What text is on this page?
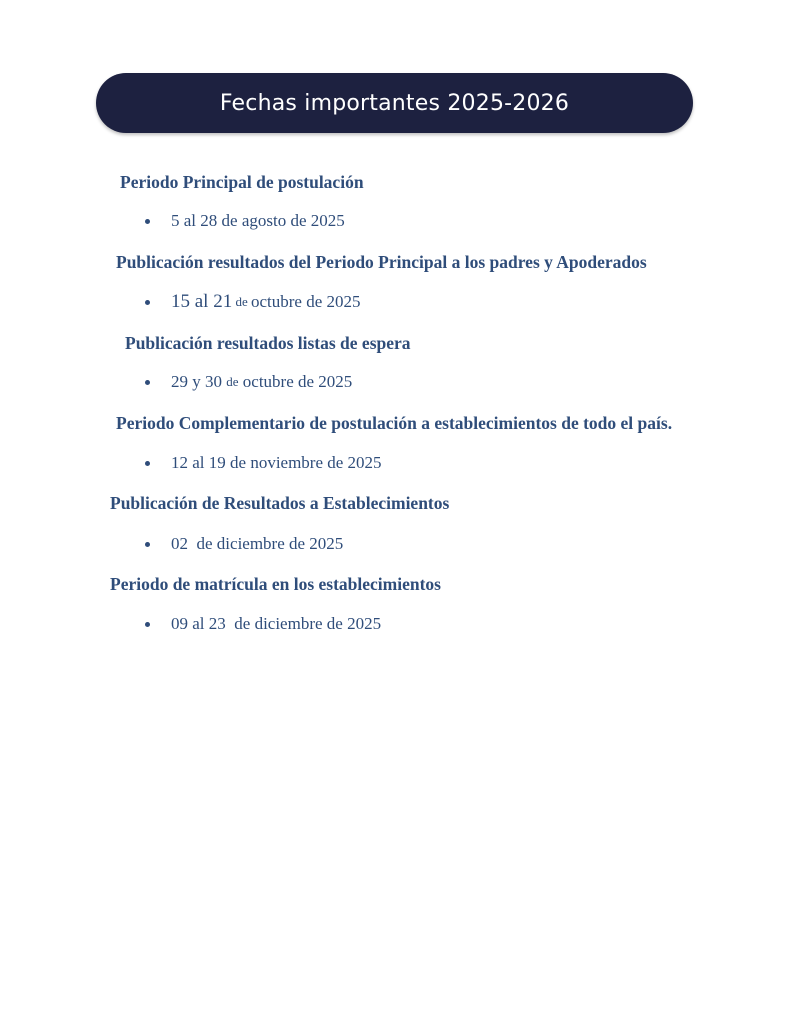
Fechas importantes 2025-2026
Periodo Principal de postulación
5 al 28 de agosto de 2025
Publicación resultados del Periodo Principal a los padres y Apoderados
15 al 21 de octubre de 2025
Publicación resultados listas de espera
29 y 30 de octubre de 2025
Periodo Complementario de postulación a establecimientos de todo el país.
12 al 19 de noviembre de 2025
Publicación de Resultados a Establecimientos
02  de diciembre de 2025
Periodo de matrícula en los establecimientos
09 al 23  de diciembre de 2025
